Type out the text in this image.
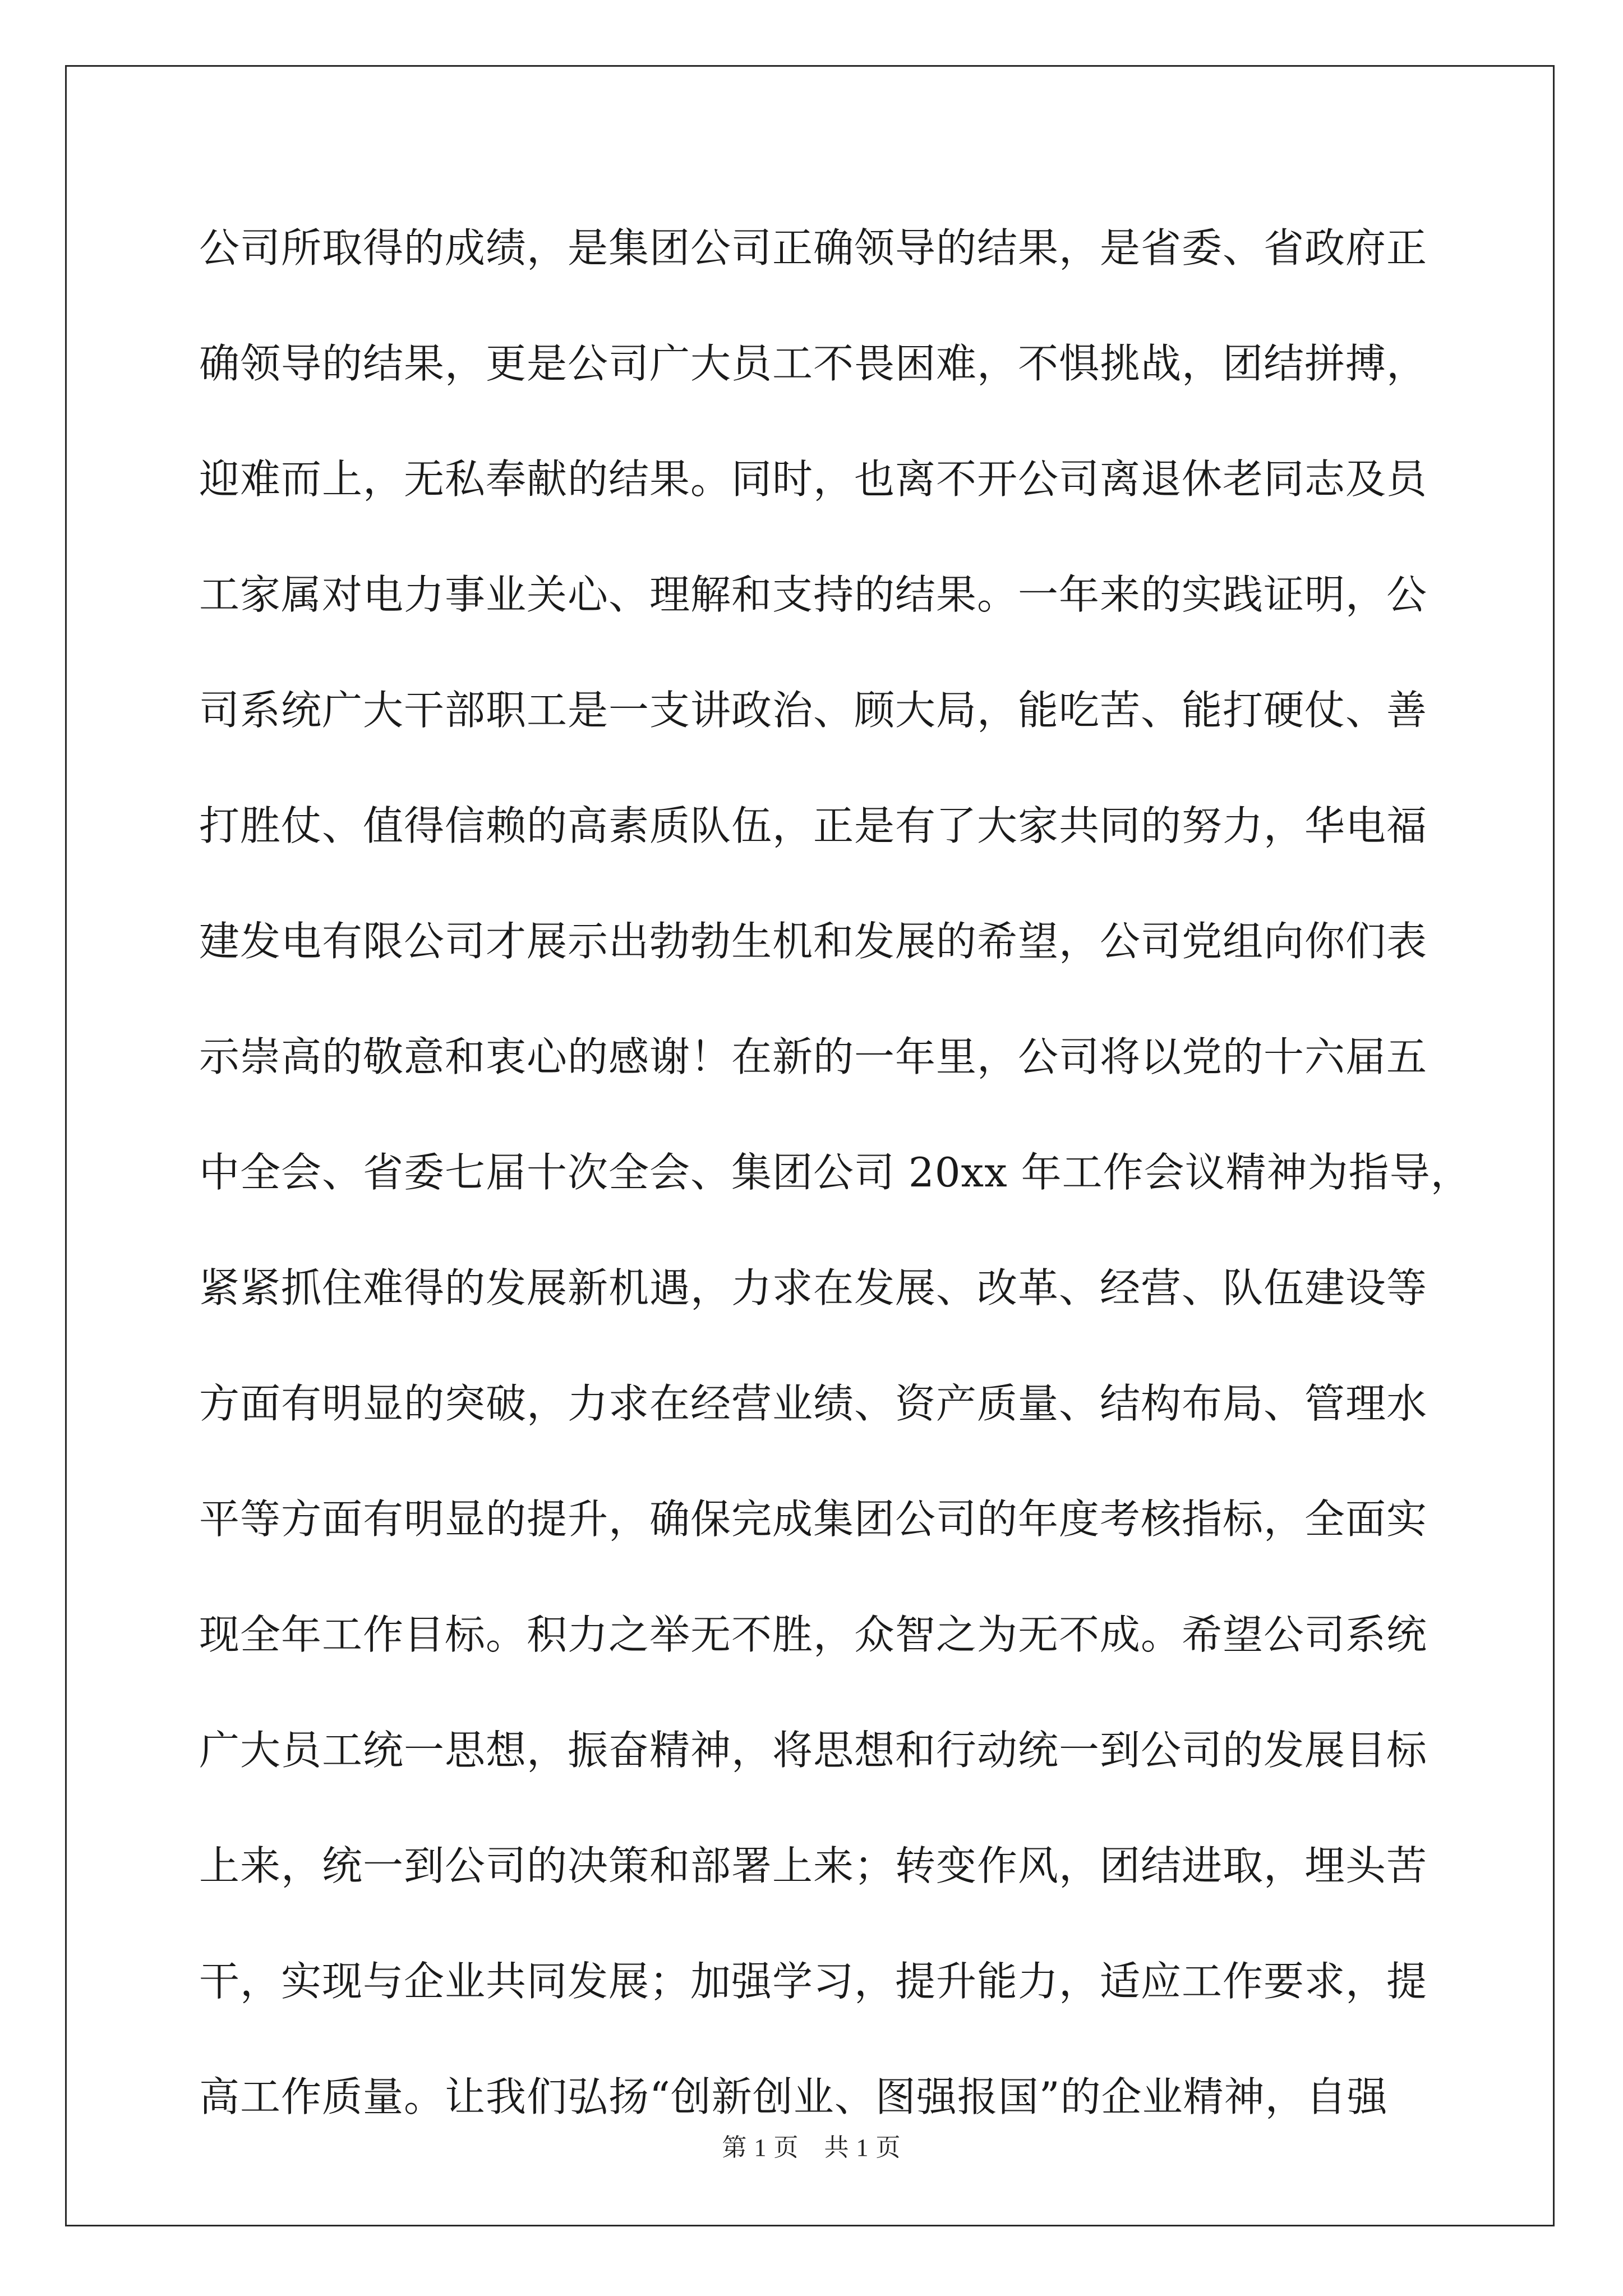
公司所取得的成绩，是集团公司正确领导的结果，是省委、省政府正
确领导的结果，更是公司广大员工不畏困难，不惧挑战，团结拼搏，
迎难而上，无私奉献的结果。同时，也离不开公司离退休老同志及员
工家属对电力事业关心、理解和支持的结果。一年来的实践证明，公
司系统广大干部职工是一支讲政治、顾大局，能吃苦、能打硬仗、善
打胜仗、值得信赖的高素质队伍，正是有了大家共同的努力，华电福
建发电有限公司才展示出勃勃生机和发展的希望，公司党组向你们表
示崇高的敬意和衷心的感谢！在新的一年里，公司将以党的十六届五
中全会、省委七届十次全会、集团公司 20xx 年工作会议精神为指导，
紧紧抓住难得的发展新机遇，力求在发展、改革、经营、队伍建设等
方面有明显的突破，力求在经营业绩、资产质量、结构布局、管理水
平等方面有明显的提升，确保完成集团公司的年度考核指标，全面实
现全年工作目标。积力之举无不胜，众智之为无不成。希望公司系统
广大员工统一思想，振奋精神，将思想和行动统一到公司的发展目标
上来，统一到公司的决策和部署上来；转变作风，团结进取，埋头苦
干，实现与企业共同发展；加强学习，提升能力，适应工作要求，提
高工作质量。让我们弘扬“创新创业、图强报国”的企业精神，自强
第 1 页　共 1 页
